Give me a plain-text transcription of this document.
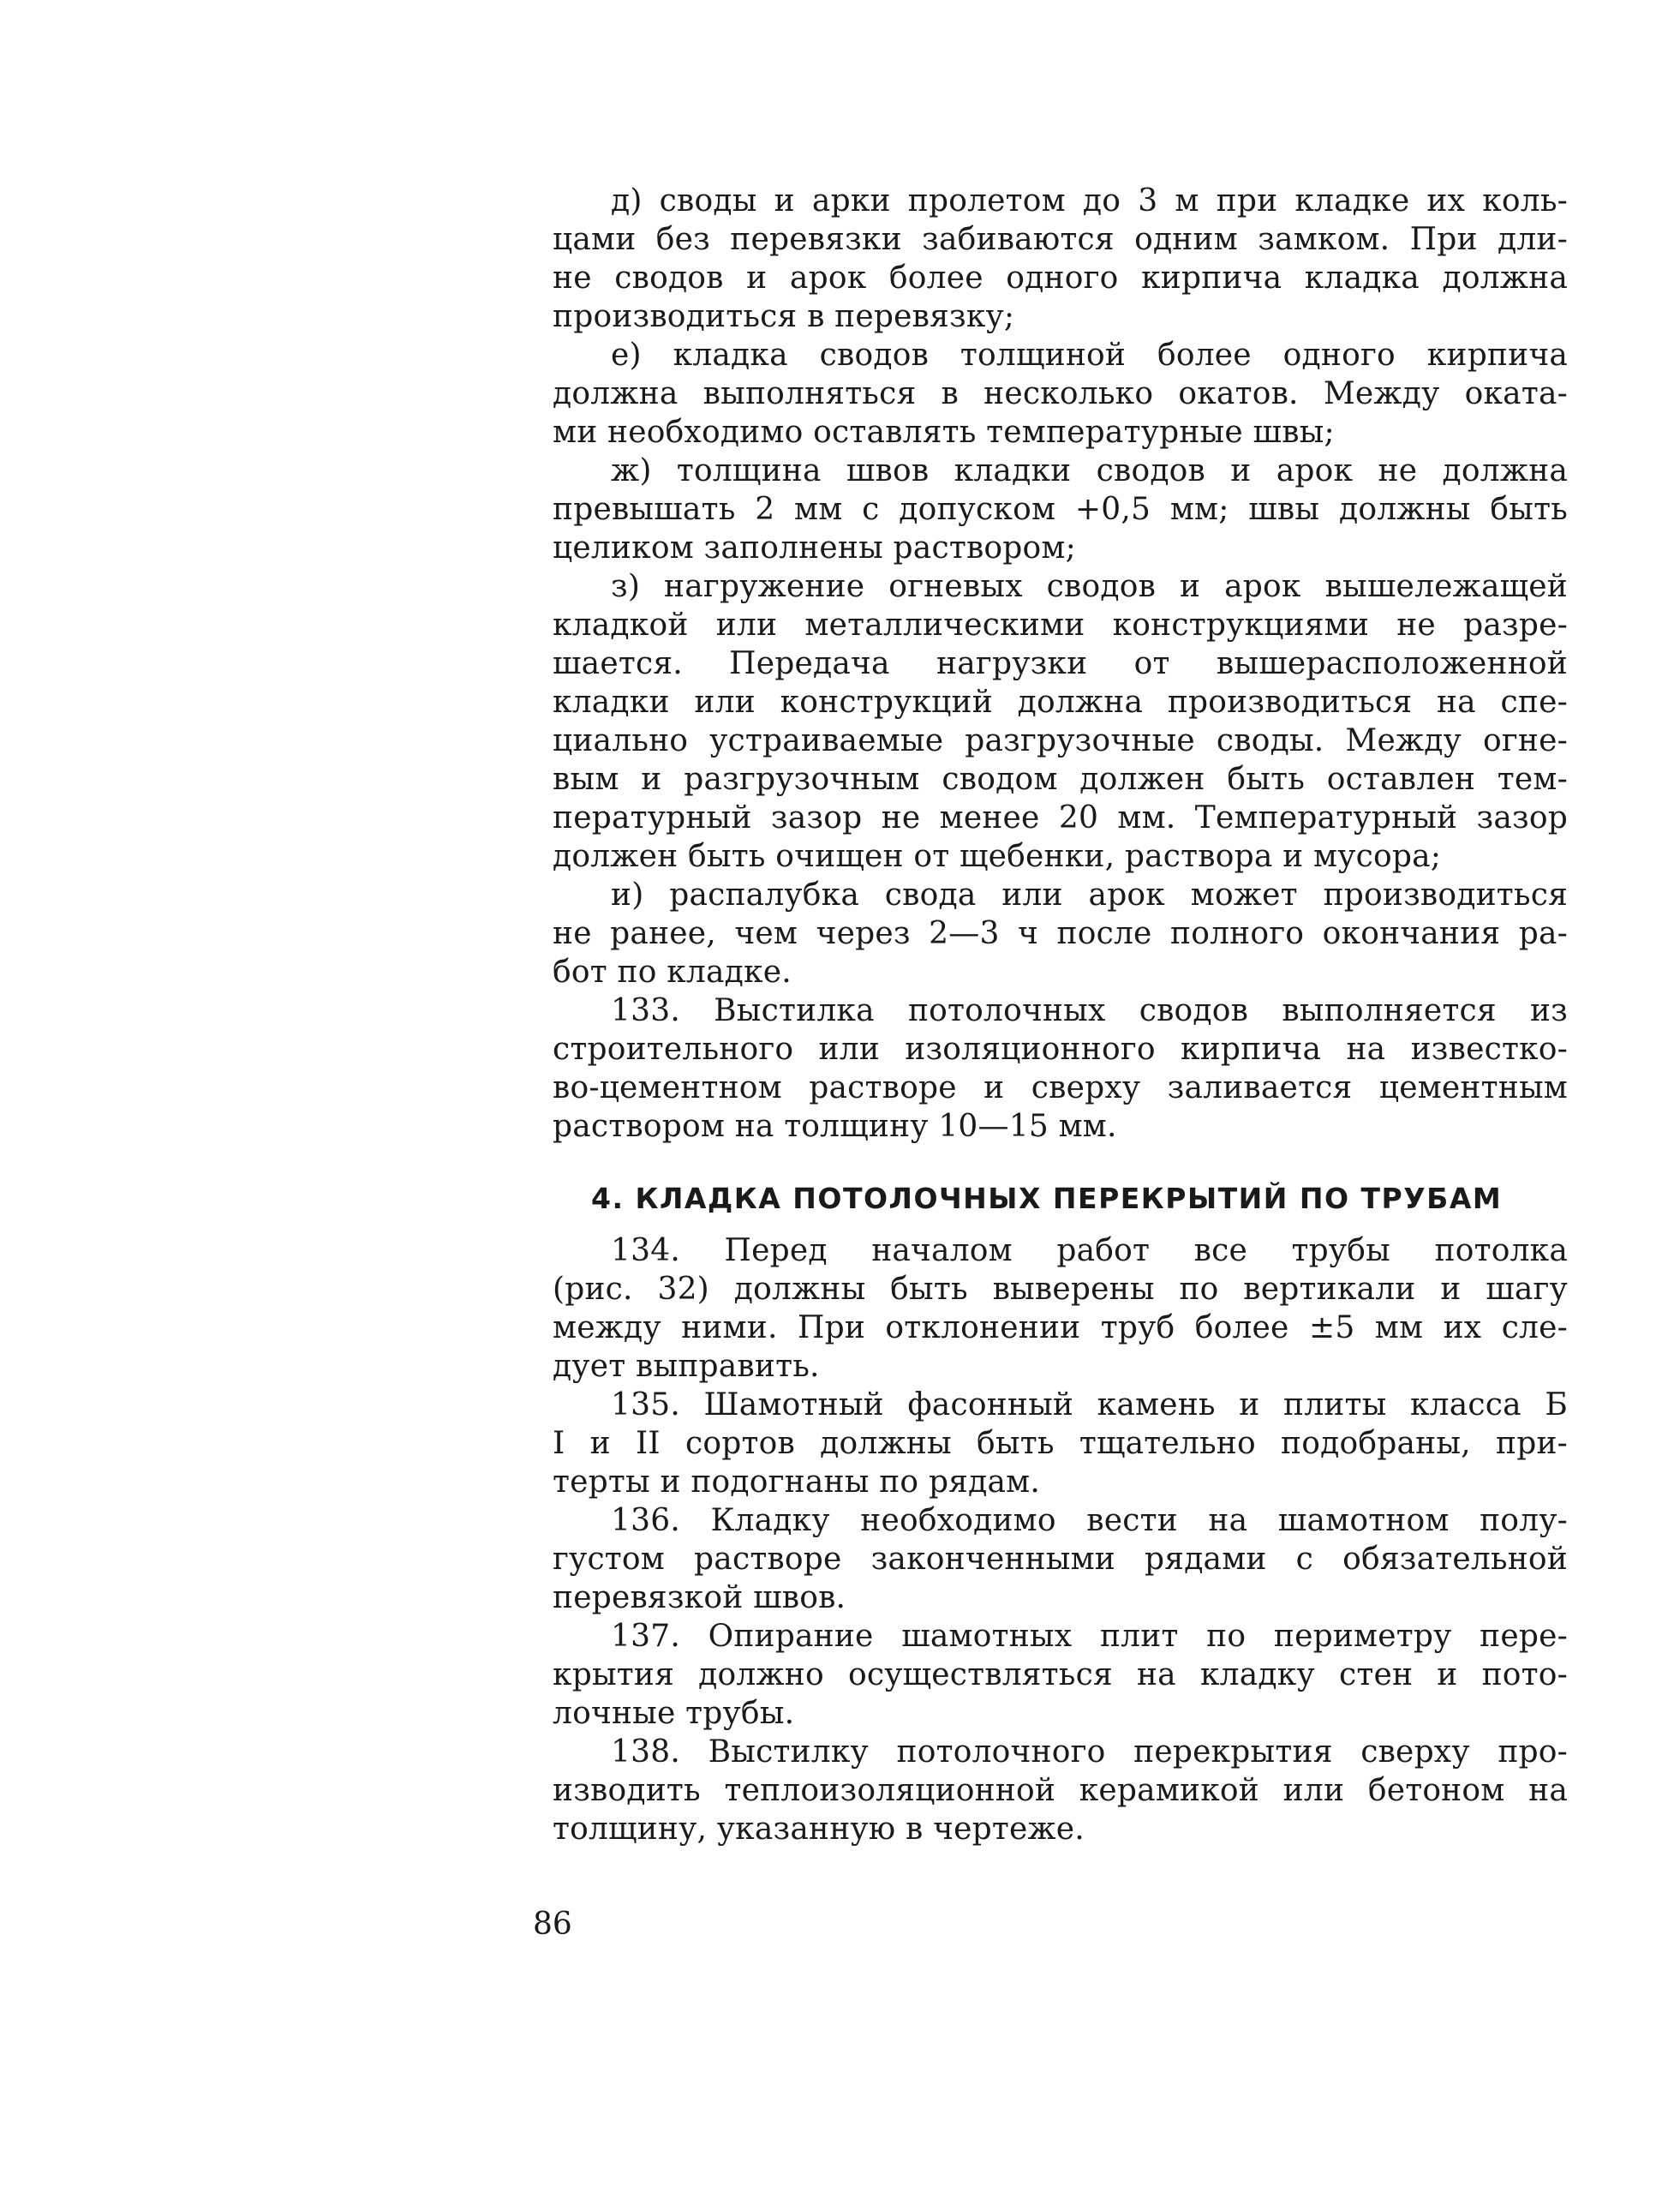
д) своды и арки пролетом до 3 м при кладке их коль-
цами без перевязки забиваются одним замком. При дли-
не сводов и арок более одного кирпича кладка должна
производиться в перевязку;
е) кладка сводов толщиной более одного кирпича
должна выполняться в несколько окатов. Между оката-
ми необходимо оставлять температурные швы;
ж) толщина швов кладки сводов и арок не должна
превышать 2 мм с допуском +0,5 мм; швы должны быть
целиком заполнены раствором;
з) нагружение огневых сводов и арок вышележащей
кладкой или металлическими конструкциями не разре-
шается. Передача нагрузки от вышерасположенной
кладки или конструкций должна производиться на спе-
циально устраиваемые разгрузочные своды. Между огне-
вым и разгрузочным сводом должен быть оставлен тем-
пературный зазор не менее 20 мм. Температурный зазор
должен быть очищен от щебенки, раствора и мусора;
и) распалубка свода или арок может производиться
не ранее, чем через 2—3 ч после полного окончания ра-
бот по кладке.
133. Выстилка потолочных сводов выполняется из
строительного или изоляционного кирпича на известко-
во-цементном растворе и сверху заливается цементным
раствором на толщину 10—15 мм.
4. КЛАДКА ПОТОЛОЧНЫХ ПЕРЕКРЫТИЙ ПО ТРУБАМ
134. Перед началом работ все трубы потолка
(рис. 32) должны быть выверены по вертикали и шагу
между ними. При отклонении труб более ±5 мм их сле-
дует выправить.
135. Шамотный фасонный камень и плиты класса Б
I и II сортов должны быть тщательно подобраны, при-
терты и подогнаны по рядам.
136. Кладку необходимо вести на шамотном полу-
густом растворе законченными рядами с обязательной
перевязкой швов.
137. Опирание шамотных плит по периметру пере-
крытия должно осуществляться на кладку стен и пото-
лочные трубы.
138. Выстилку потолочного перекрытия сверху про-
изводить теплоизоляционной керамикой или бетоном на
толщину, указанную в чертеже.
86
